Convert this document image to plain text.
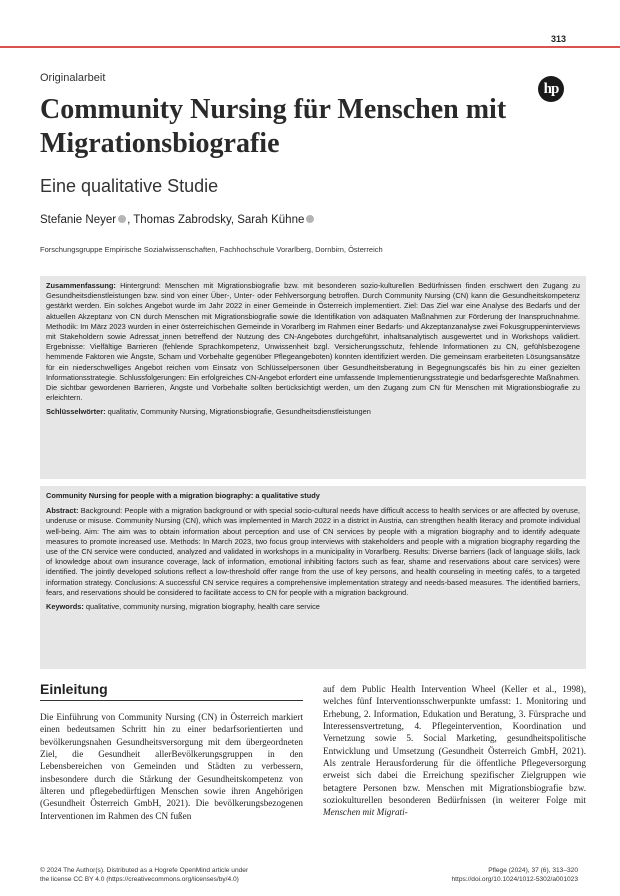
313
Originalarbeit
hp
Community Nursing für Menschen mit Migrationsbiografie
Eine qualitative Studie
Stefanie Neyer , Thomas Zabrodsky, Sarah Kühne
Forschungsgruppe Empirische Sozialwissenschaften, Fachhochschule Vorarlberg, Dornbirn, Österreich

Zusammenfassung: Hintergrund: Menschen mit Migrationsbiografie bzw. mit besonderen sozio-kulturellen Bedürfnissen finden erschwert den Zugang zu Gesundheitsdienstleistungen bzw. sind von einer Über-, Unter- oder Fehlversorgung betroffen. Durch Community Nursing (CN) kann die Gesundheitskompetenz gestärkt werden. Ein solches Angebot wurde im Jahr 2022 in einer Gemeinde in Österreich implementiert. Ziel: Das Ziel war eine Analyse des Bedarfs und der aktuellen Akzeptanz von CN durch Menschen mit Migrationsbiografie sowie die Identifikation von adäquaten Maßnahmen zur Förderung der Inanspruchnahme. Methodik: Im März 2023 wurden in einer österreichischen Gemeinde in Vorarlberg im Rahmen einer Bedarfs- und Akzeptanzanalyse zwei Fokusgruppeninterviews mit Stakeholdern sowie Adressat_innen betreffend der Nutzung des CN-Angebotes durchgeführt, inhaltsanalytisch ausgewertet und in Workshops validiert. Ergebnisse: Vielfältige Barrieren (fehlende Sprachkompetenz, Unwissenheit bzgl. Versicherungsschutz, fehlende Informationen zu CN, gefühlsbezogene hemmende Faktoren wie Ängste, Scham und Vorbehalte gegenüber Pflegeangeboten) konnten identifiziert werden. Die gemeinsam erarbeiteten Lösungsansätze für ein niederschwelliges Angebot reichen vom Einsatz von Schlüsselpersonen über Gesundheitsberatung in Begegnungscafés bis hin zu einer gezielten Informationsstrategie. Schlussfolgerungen: Ein erfolgreiches CN-Angebot erfordert eine umfassende Implementierungsstrategie und bedarfsgerechte Maßnahmen. Die sichtbar gewordenen Barrieren, Ängste und Vorbehalte sollten berücksichtigt werden, um den Zugang zum CN für Menschen mit Migrationsbiografie zu erleichtern.

Schlüsselwörter: qualitativ, Community Nursing, Migrationsbiografie, Gesundheitsdienstleistungen

Community Nursing for people with a migration biography: a qualitative study

Abstract: Background: People with a migration background or with special socio-cultural needs have difficult access to health services or are affected by overuse, underuse or misuse. Community Nursing (CN), which was implemented in March 2022 in a district in Austria, can strengthen health literacy and promote individual well-being. Aim: The aim was to obtain information about perception and use of CN services by people with a migration biography and to identify adequate measures to promote increased use. Methods: In March 2023, two focus group interviews with stakeholders and people with a migration biography regarding the use of the CN service were conducted, analyzed and validated in workshops in a municipality in Vorarlberg. Results: Diverse barriers (lack of language skills, lack of knowledge about own insurance coverage, lack of information, emotional inhibiting factors such as fear, shame and reservations about care services) were identified. The jointly developed solutions reflect a low-threshold offer range from the use of key persons, and health counseling in meeting cafés, to a targeted information strategy. Conclusions: A successful CN service requires a comprehensive implementation strategy and needs-based measures. The identified barriers, fears, and reservations should be considered to facilitate access to CN for people with a migration background.

Keywords: qualitative, community nursing, migration biography, health care service

Einleitung

Die Einführung von Community Nursing (CN) in Österreich markiert einen bedeutsamen Schritt hin zu einer bedarfsorientierten und bevölkerungsnahen Gesundheitsversorgung mit dem übergeordneten Ziel, die Gesundheit allerBevölkerungsgruppen in den Lebensbereichen von Gemeinden und Städten zu verbessern, insbesondere durch die Stärkung der Gesundheitskompetenz von älteren und pflegebedürftigen Menschen sowie ihren Angehörigen (Gesundheit Österreich GmbH, 2021). Die bevölkerungsbezogenen Interventionen im Rahmen des CN fußen

auf dem Public Health Intervention Wheel (Keller et al., 1998), welches fünf Interventionsschwerpunkte umfasst: 1. Monitoring und Erhebung, 2. Information, Edukation und Beratung, 3. Fürsprache und Interessensvertretung, 4. Pflegeintervention, Koordination und Vernetzung sowie 5. Social Marketing, gesundheitspolitische Entwicklung und Umsetzung (Gesundheit Österreich GmbH, 2021). Als zentrale Herausforderung für die öffentliche Pflegeversorgung erweist sich dabei die Erreichung spezifischer Zielgruppen wie betagtere Personen bzw. Menschen mit Migrationsbiografie bzw. soziokulturellen besonderen Bedürfnissen (in weiterer Folge mit Menschen mit Migrati-

© 2024 The Author(s). Distributed as a Hogrefe OpenMind article under
the license CC BY 4.0 (https://creativecommons.org/licenses/by/4.0)
Pflege (2024), 37 (6), 313–320
https://doi.org/10.1024/1012-5302/a001023
